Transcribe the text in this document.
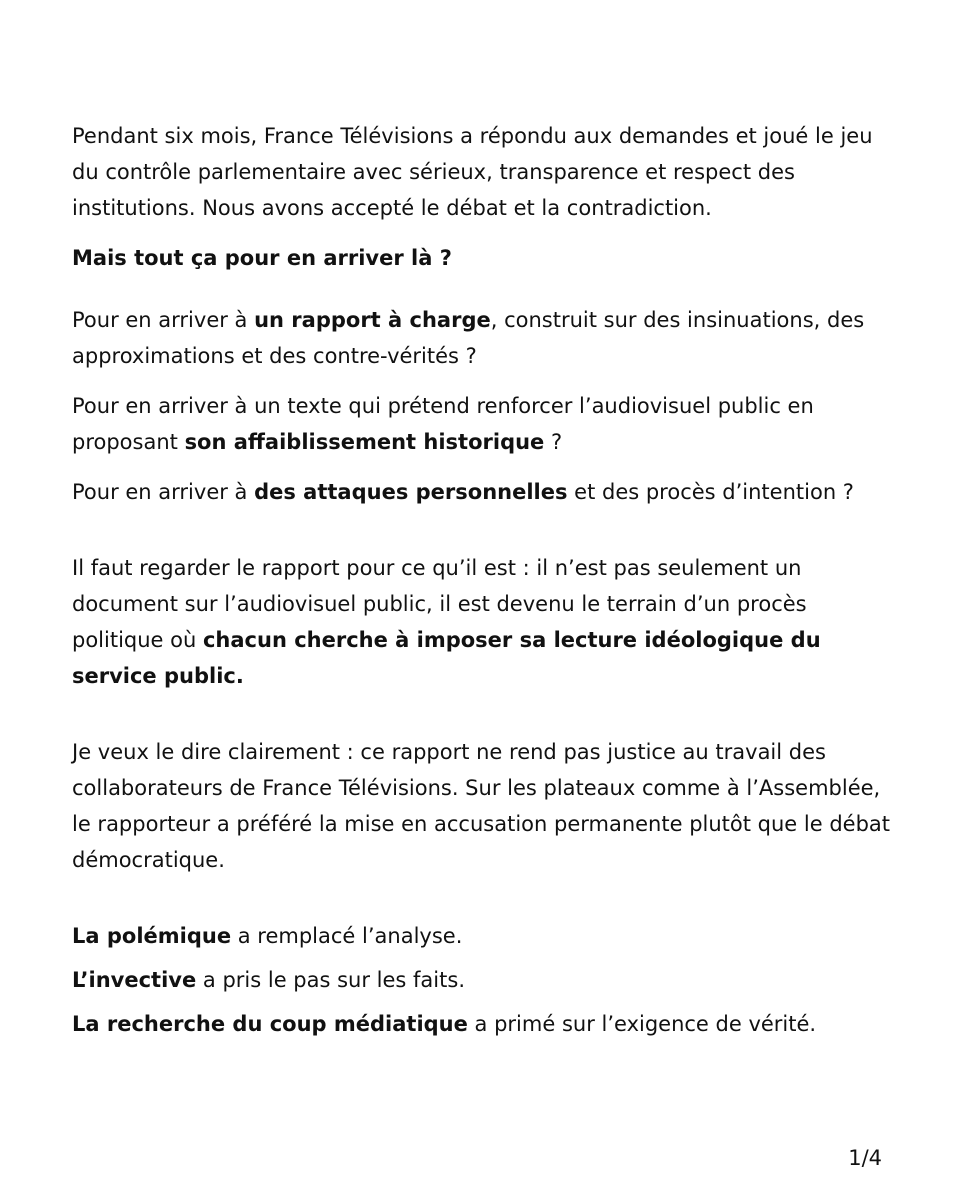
Pendant six mois, France Télévisions a répondu aux demandes et joué le jeu du contrôle parlementaire avec sérieux, transparence et respect des institutions. Nous avons accepté le débat et la contradiction.

Mais tout ça pour en arriver là ?

Pour en arriver à un rapport à charge, construit sur des insinuations, des approximations et des contre-vérités ?

Pour en arriver à un texte qui prétend renforcer l’audiovisuel public en proposant son affaiblissement historique ?

Pour en arriver à des attaques personnelles et des procès d’intention ?

Il faut regarder le rapport pour ce qu’il est : il n’est pas seulement un document sur l’audiovisuel public, il est devenu le terrain d’un procès politique où chacun cherche à imposer sa lecture idéologique du service public.

Je veux le dire clairement : ce rapport ne rend pas justice au travail des collaborateurs de France Télévisions. Sur les plateaux comme à l’Assemblée, le rapporteur a préféré la mise en accusation permanente plutôt que le débat démocratique.

La polémique a remplacé l’analyse.

L’invective a pris le pas sur les faits.

La recherche du coup médiatique a primé sur l’exigence de vérité.

1/4
